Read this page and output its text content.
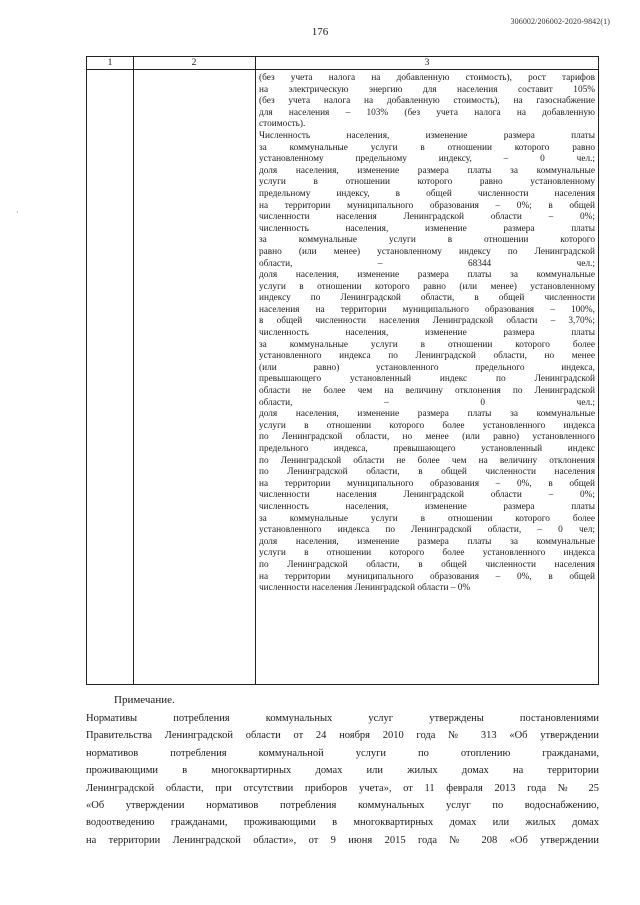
176
306002/206002-2020-9842(1)
·
1	2	3
(без учета налога на добавленную стоимость), рост тарифов
на электрическую энергию для населения составит 105%
(без учета налога на добавленную стоимость), на газоснабжение
для населения – 103% (без учета налога на добавленную
стоимость).
Численность населения, изменение размера платы
за коммунальные услуги в отношении которого равно
установленному предельному индексу, – 0 чел.;
доля населения, изменение размера платы за коммунальные
услуги в отношении которого равно установленному
предельному индексу, в общей численности населения
на территории муниципального образования – 0%; в общей
численности населения Ленинградской области – 0%;
численность населения, изменение размера платы
за коммунальные услуги в отношении которого
равно (или менее) установленному индексу по Ленинградской
области, – 68344 чел.;
доля населения, изменение размера платы за коммунальные
услуги в отношении которого равно (или менее) установленному
индексу по Ленинградской области, в общей численности
населения на территории муниципального образования – 100%,
в общей численности населения Ленинградской области – 3,70%;
численность населения, изменение размера платы
за коммунальные услуги в отношении которого более
установленного индекса по Ленинградской области, но менее
(или равно) установленного предельного индекса,
превышающего установленный индекс по Ленинградской
области не более чем на величину отклонения по Ленинградской
области, – 0 чел.;
доля населения, изменение размера платы за коммунальные
услуги в отношении которого более установленного индекса
по Ленинградской области, но менее (или равно) установленного
предельного индекса, превышающего установленный индекс
по Ленинградской области не более чем на величину отклонения
по Ленинградской области, в общей численности населения
на территории муниципального образования – 0%, в общей
численности населения Ленинградской области – 0%;
численность населения, изменение размера платы
за коммунальные услуги в отношении которого более
установленного индекса по Ленинградской области, – 0 чел;
доля населения, изменение размера платы за коммунальные
услуги в отношении которого более установленного индекса
по Ленинградской области, в общей численности населения
на территории муниципального образования – 0%, в общей
численности населения Ленинградской области – 0%
Примечание.
Нормативы потребления коммунальных услуг утверждены постановлениями
Правительства Ленинградской области от 24 ноября 2010 года № 313 «Об утверждении
нормативов потребления коммунальной услуги по отоплению гражданами,
проживающими в многоквартирных домах или жилых домах на территории
Ленинградской области, при отсутствии приборов учета», от 11 февраля 2013 года № 25
«Об утверждении нормативов потребления коммунальных услуг по водоснабжению,
водоотведению гражданами, проживающими в многоквартирных домах или жилых домах
на территории Ленинградской области», от 9 июня 2015 года № 208 «Об утверждении
